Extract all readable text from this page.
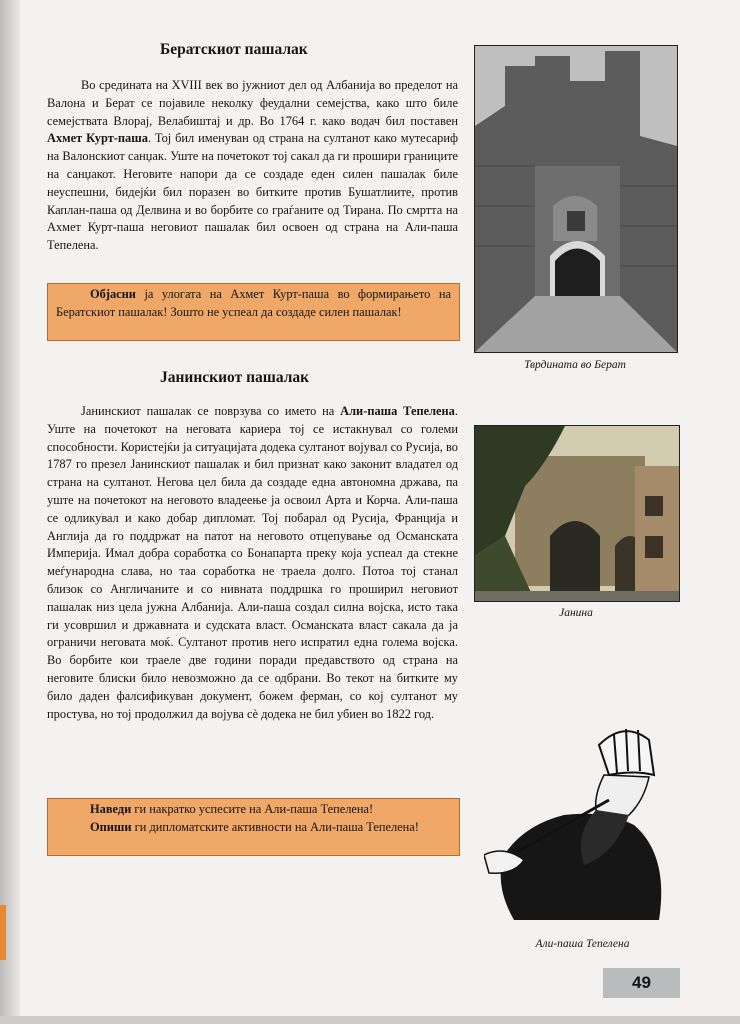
Бератскиот пашалак

Во средината на XVIII век во јужниот дел од Албанија во пределот на Валона и Берат се појавиле неколку феудални семејства, како што биле семејствата Влорај, Велабиштај и др. Во 1764 г. како водач бил поставен Ахмет Курт-паша. Тој бил именуван од страна на султанот како мутесариф на Валонскиот санџак. Уште на почетокот тој сакал да ги прошири границите на санџакот. Неговите напори да се создаде еден силен пашалак биле неуспешни, бидејќи бил поразен во битките против Бушатлиите, против Каплан-паша од Делвина и во борбите со граѓаните од Тирана. По смртта на Ахмет Курт-паша неговиот пашалак бил освоен од страна на Али-паша Тепелена.

Објасни ја улогата на Ахмет Курт-паша во формирањето на Бератскиот пашалак! Зошто не успеал да создаде силен пашалак!
Јанинскиот пашалак

Јанинскиот пашалак се поврзува со името на Али-паша Тепелена. Уште на почетокот на неговата кариера тој се истакнувал со големи способности. Користејќи ја ситуацијата додека султанот војувал со Русија, во 1787 го презел Јанинскиот пашалак и бил признат како законит владател од страна на султанот. Негова цел била да создаде една автономна држава, па уште на почетокот на неговото владеење ја освоил Арта и Корча. Али-паша се одликувал и како добар дипломат. Тој побарал од Русија, Франција и Англија да го поддржат на патот на неговото отцепување од Османската Империја. Имал добра соработка со Бонапарта преку која успеал да стекне меѓународна слава, но таа соработка не траела долго. Потоа тој станал близок со Англичаните и со нивната поддршка го проширил неговиот пашалак низ цела јужна Албанија. Али-паша создал силна војска, исто така ги усовршил и државната и судската власт. Османската власт сакала да ја ограничи неговата моќ. Султанот против него испратил една голема војска. Во борбите кои траеле две години поради предавството од страна на неговите блиски било невозможно да се одбрани. Во текот на битките му било даден фалсификуван документ, божем ферман, со кој султанот му простува, но тој продолжил да војува сè додека не бил убиен во 1822 год.

Наведи ги накратко успесите на Али-паша Тепелена!
Опиши ги дипломатските активности на Али-паша Тепелена!
Тврдината во Берат
Јанина
Али-паша Тепелена
49
